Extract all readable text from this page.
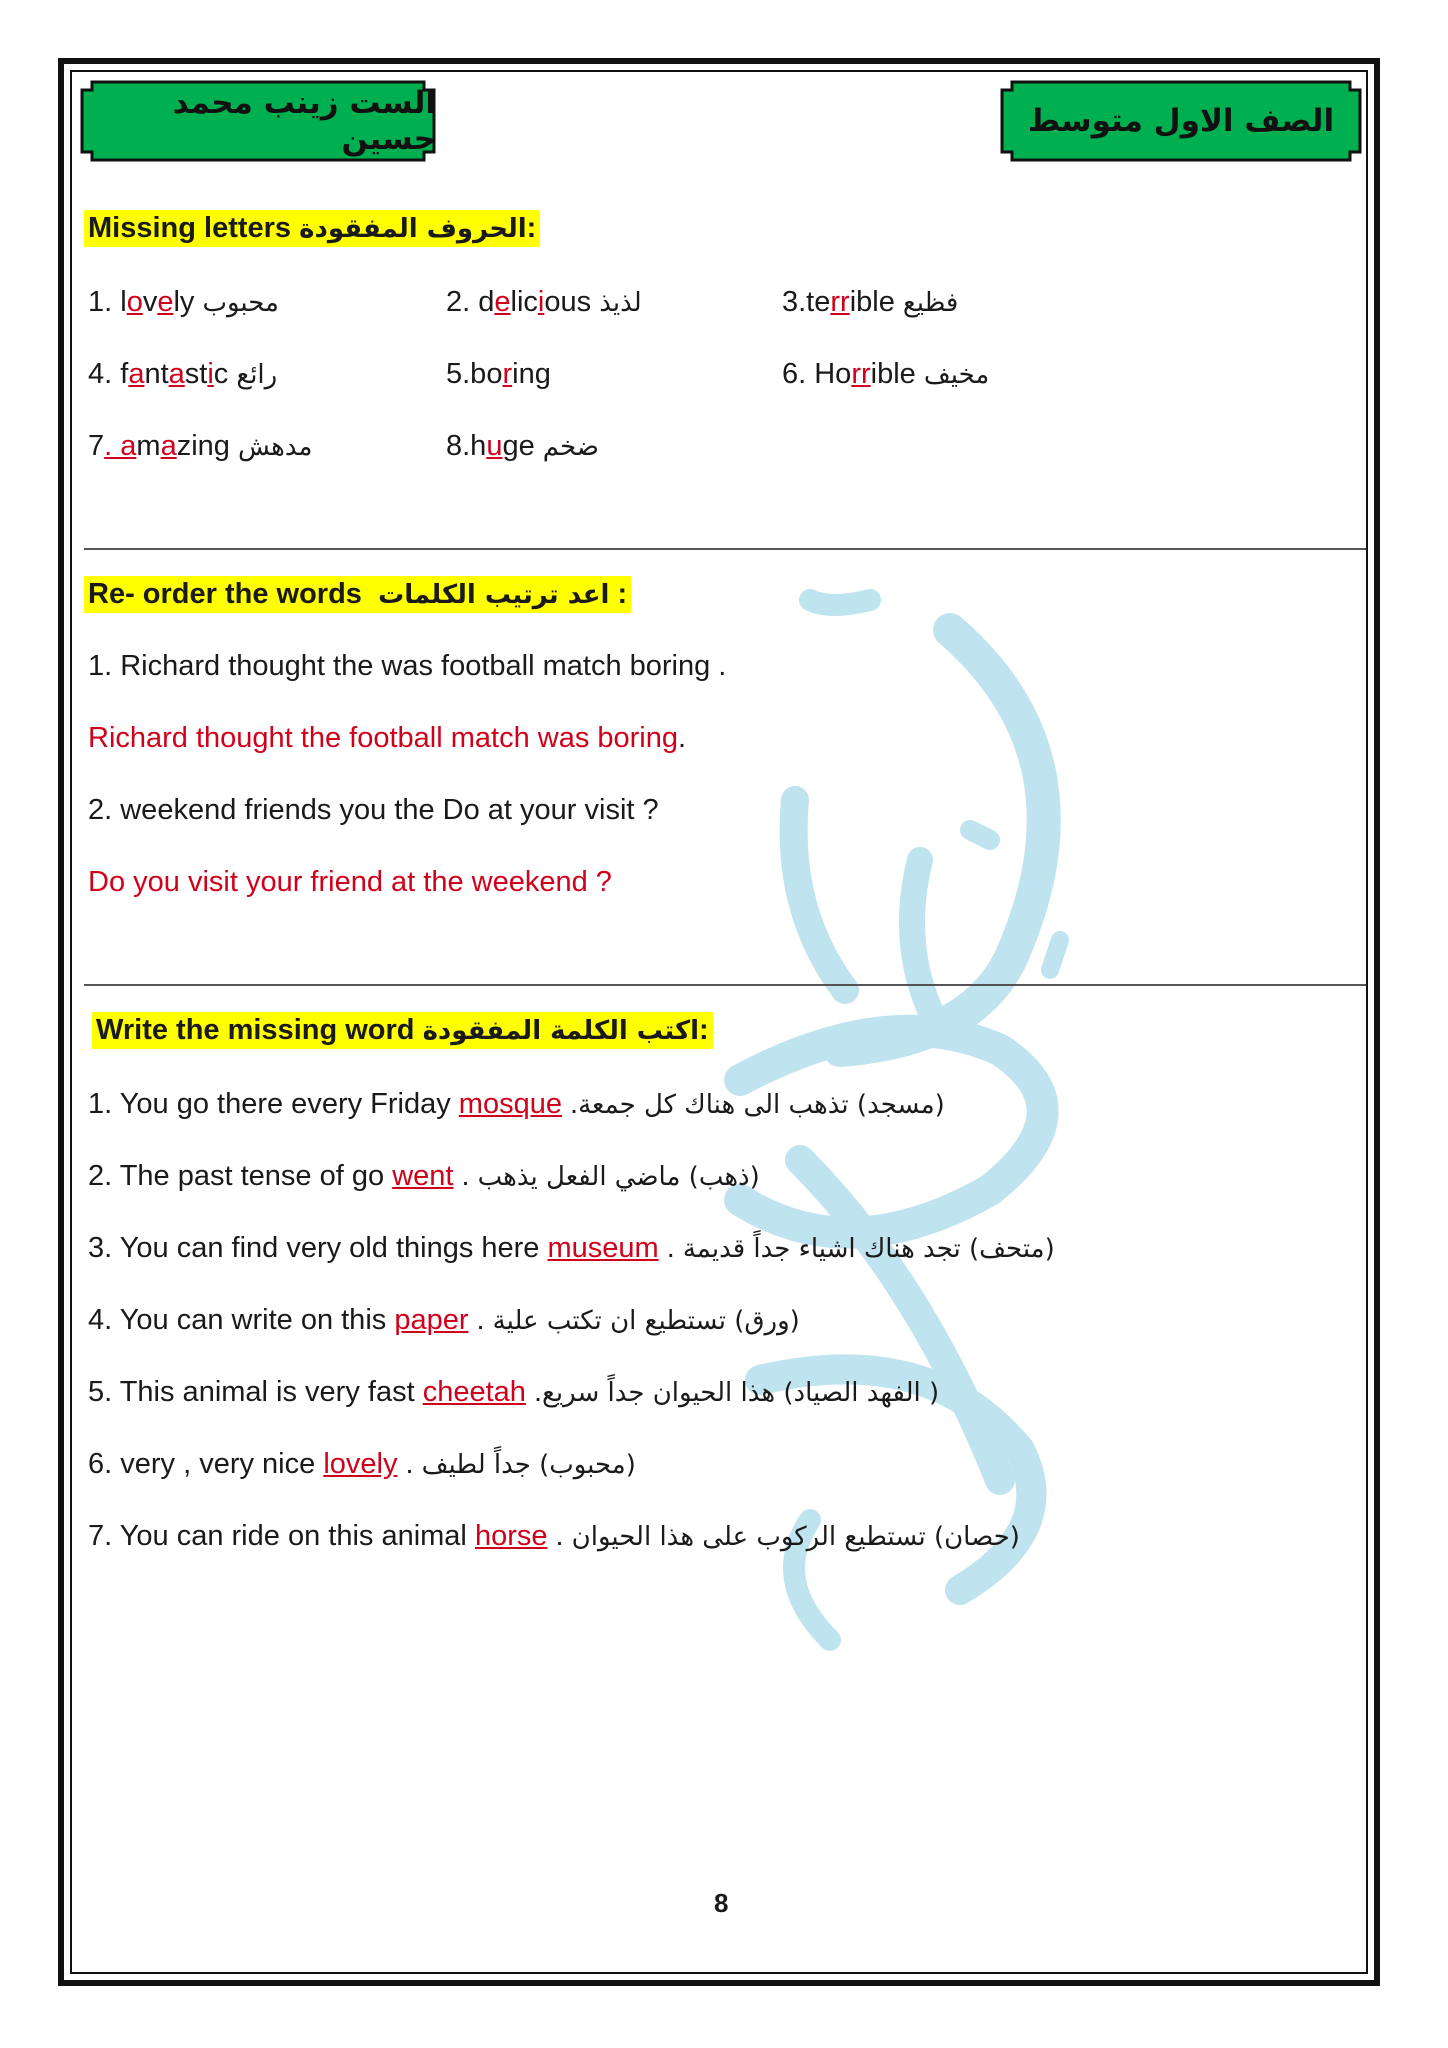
الست زينب محمد حسين	الصف الاول متوسط
Missing letters الحروف المفقودة:
1. lovely محبوب	2. delicious لذيذ	3.terrible فظيع
4. fantastic رائع	5.boring	6. Horrible مخيف
7. amazing مدهش	8.huge ضخم
Re- order the words اعد ترتيب الكلمات :
1. Richard thought the was football match boring .
Richard thought the football match was boring.
2. weekend friends you the Do at your visit ?
Do you visit your friend at the weekend ?
Write the missing word اكتب الكلمة المفقودة:
1. You go there every Friday mosque .(مسجد) تذهب الى هناك كل جمعة
2. The past tense of go went . (ذهب) ماضي الفعل يذهب
3. You can find very old things here museum . (متحف) تجد هناك اشياء جداً قديمة
4. You can write on this paper . (ورق) تستطيع ان تكتب علية
5. This animal is very fast cheetah .( الفهد الصياد) هذا الحيوان جداً سريع
6. very , very nice lovely . (محبوب) جداً لطيف
7. You can ride on this animal horse . (حصان) تستطيع الركوب على هذا الحيوان
8
